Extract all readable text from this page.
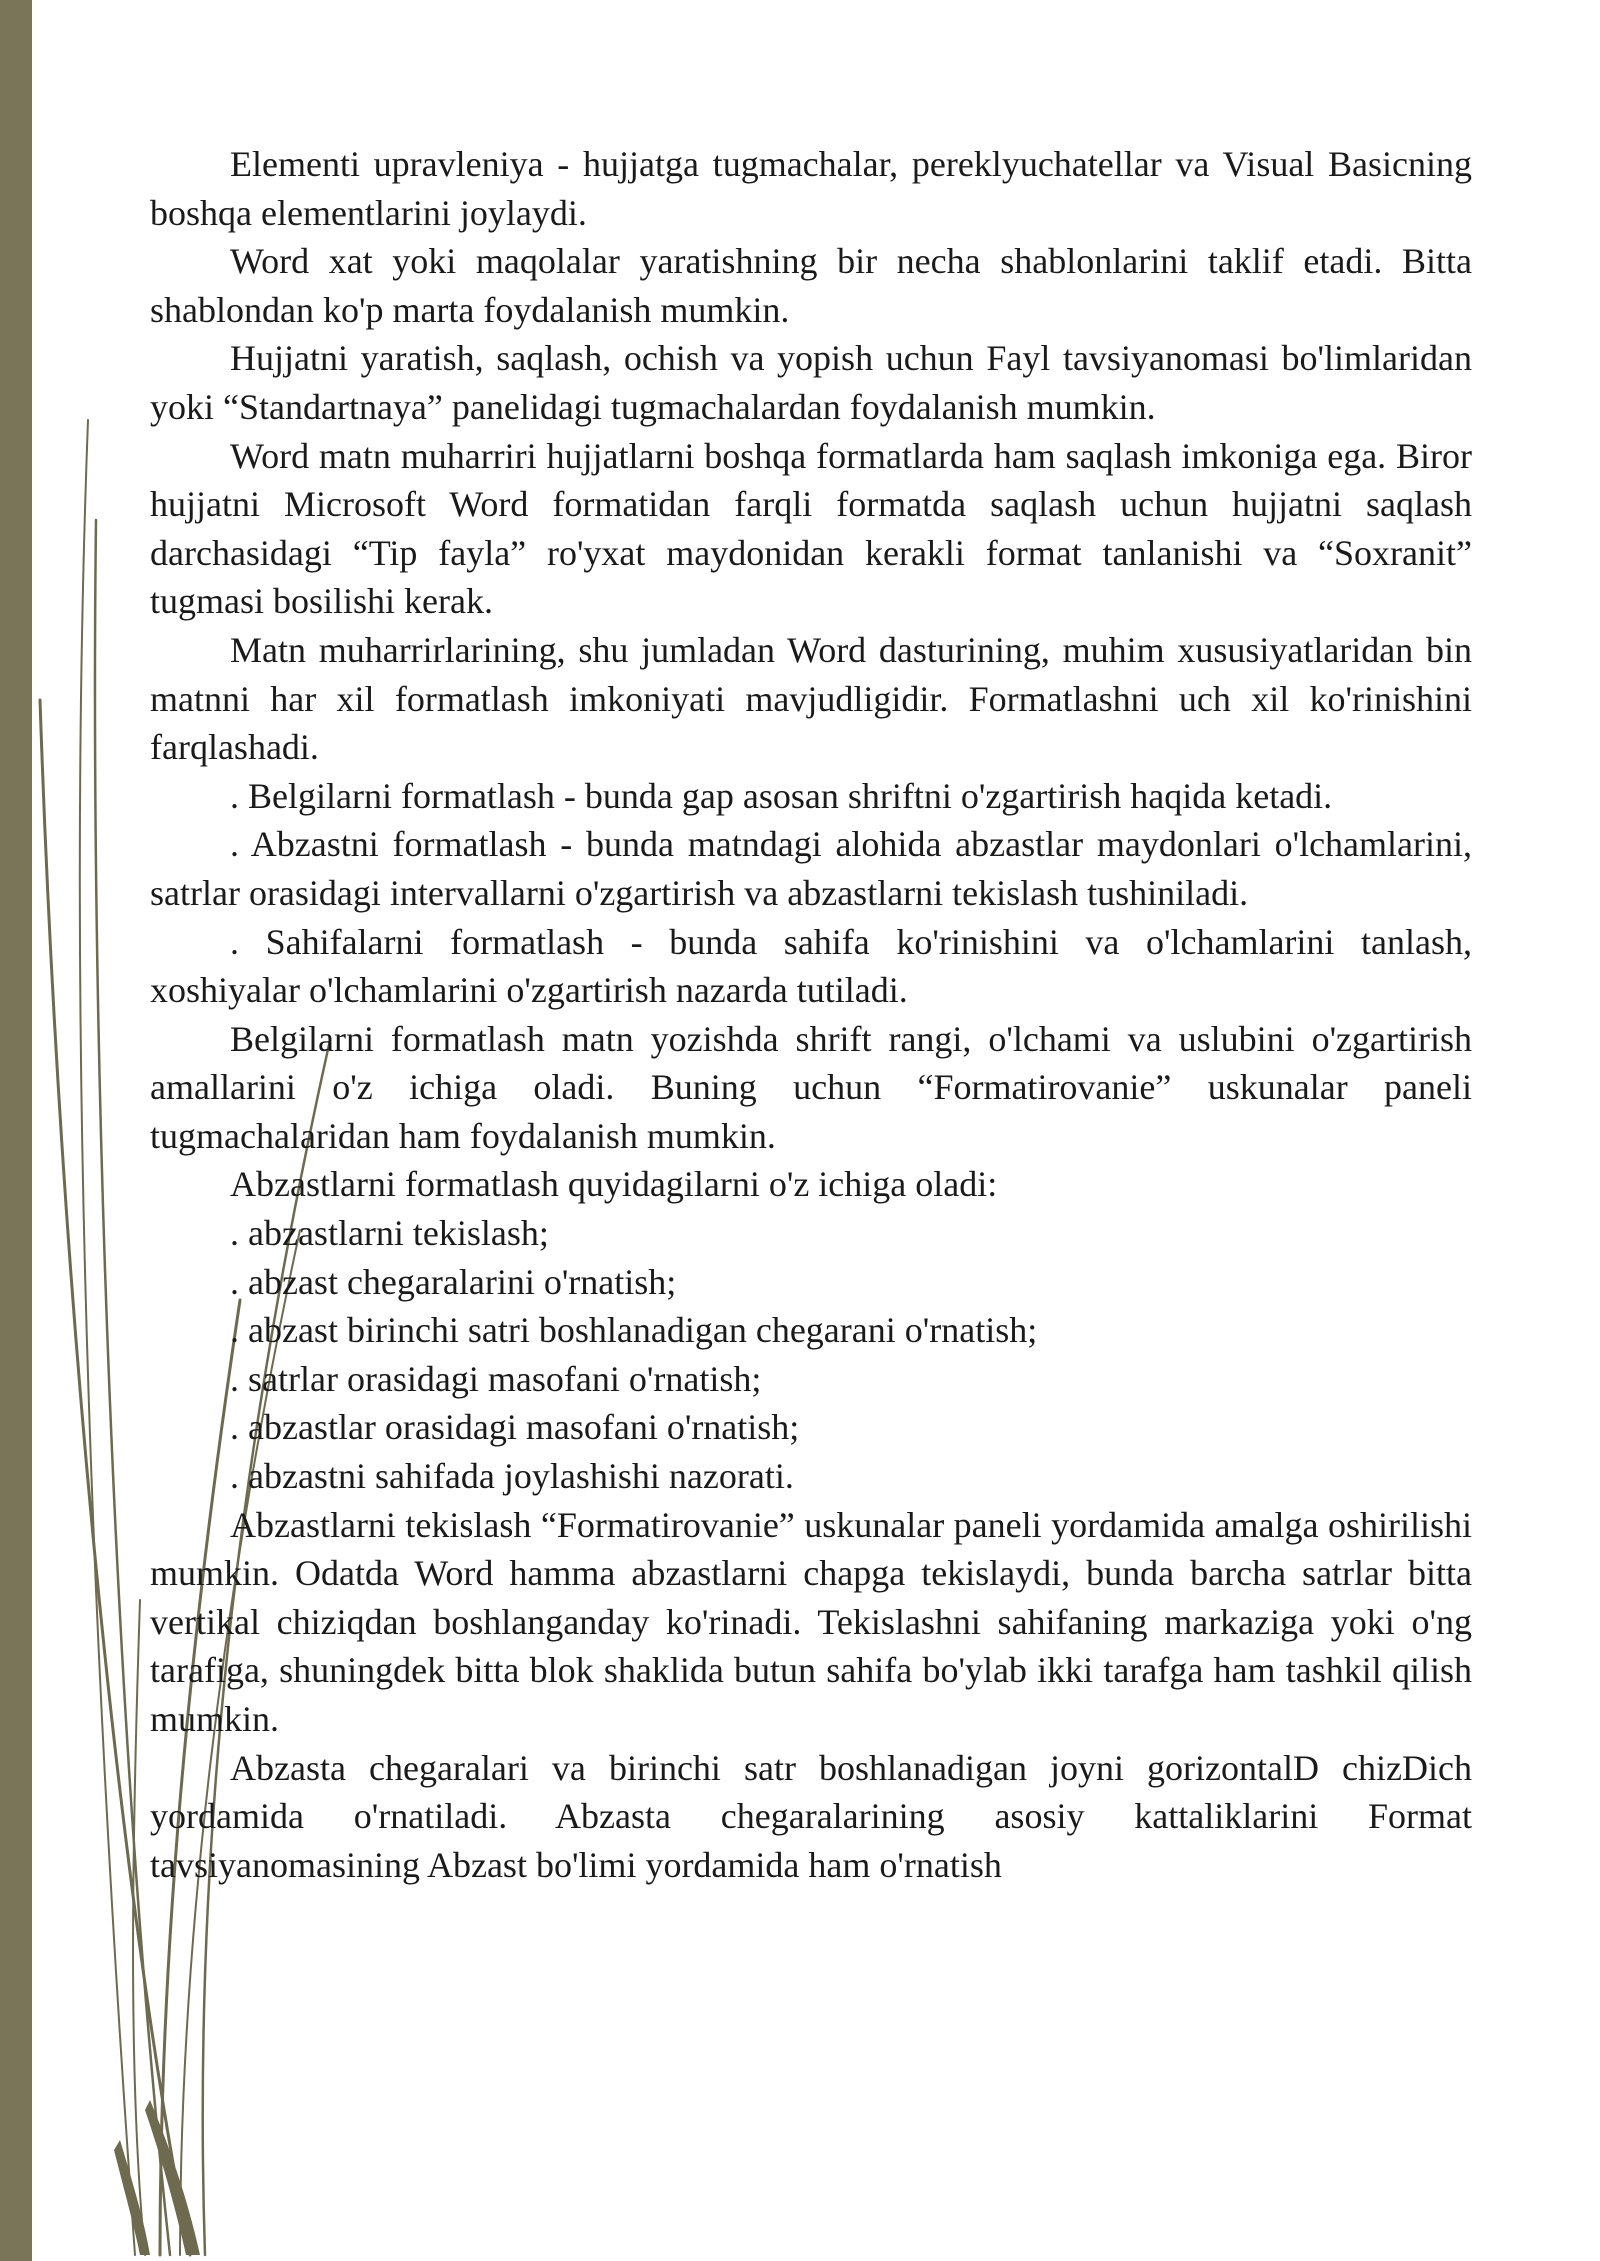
Elementi upravleniya - hujjatga tugmachalar, pereklyuchatellar va Visual Basicning boshqa elementlarini joylaydi.

Word xat yoki maqolalar yaratishning bir necha shablonlarini taklif etadi. Bitta shablondan ko'p marta foydalanish mumkin.

Hujjatni yaratish, saqlash, ochish va yopish uchun Fayl tavsiyanomasi bo'limlaridan yoki “Standartnaya” panelidagi tugmachalardan foydalanish mumkin.

Word matn muharriri hujjatlarni boshqa formatlarda ham saqlash imkoniga ega. Biror hujjatni Microsoft Word formatidan farqli formatda saqlash uchun hujjatni saqlash darchasidagi “Tip fayla” ro'yxat maydonidan kerakli format tanlanishi va “Soxranit” tugmasi bosilishi kerak.

Matn muharrirlarining, shu jumladan Word dasturining, muhim xususiyatlaridan bin matnni har xil formatlash imkoniyati mavjudligidir. Formatlashni uch xil ko'rinishini farqlashadi.

. Belgilarni formatlash - bunda gap asosan shriftni o'zgartirish haqida ketadi.

. Abzastni formatlash - bunda matndagi alohida abzastlar maydonlari o'lchamlarini, satrlar orasidagi intervallarni o'zgartirish va abzastlarni tekislash tushiniladi.

. Sahifalarni formatlash - bunda sahifa ko'rinishini va o'lchamlarini tanlash, xoshiyalar o'lchamlarini o'zgartirish nazarda tutiladi.

Belgilarni formatlash matn yozishda shrift rangi, o'lchami va uslubini o'zgartirish amallarini o'z ichiga oladi. Buning uchun “Formatirovanie” uskunalar paneli tugmachalaridan ham foydalanish mumkin.

Abzastlarni formatlash quyidagilarni o'z ichiga oladi:

. abzastlarni tekislash;

. abzast chegaralarini o'rnatish;

. abzast birinchi satri boshlanadigan chegarani o'rnatish;

. satrlar orasidagi masofani o'rnatish;

. abzastlar orasidagi masofani o'rnatish;

. abzastni sahifada joylashishi nazorati.

Abzastlarni tekislash “Formatirovanie” uskunalar paneli yordamida amalga oshirilishi mumkin. Odatda Word hamma abzastlarni chapga tekislaydi, bunda barcha satrlar bitta vertikal chiziqdan boshlanganday ko'rinadi. Tekislashni sahifaning markaziga yoki o'ng tarafiga, shuningdek bitta blok shaklida butun sahifa bo'ylab ikki tarafga ham tashkil qilish mumkin.

Abzasta chegaralari va birinchi satr boshlanadigan joyni gorizontalD chizDich yordamida o'rnatiladi. Abzasta chegaralarining asosiy kattaliklarini Format tavsiyanomasining Abzast bo'limi yordamida ham o'rnatish
